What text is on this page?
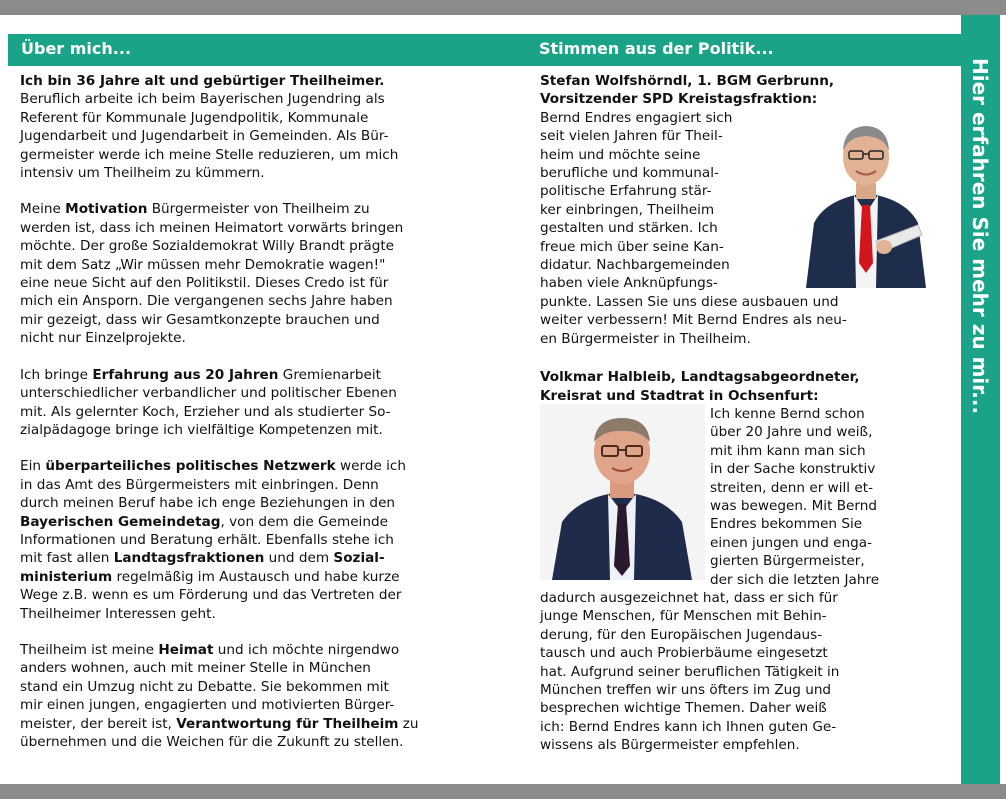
Über mich...	Stimmen aus der Politik...
Hier erfahren Sie mehr zu mir...

Ich bin 36 Jahre alt und gebürtiger Theilheimer.
Beruflich arbeite ich beim Bayerischen Jugendring als
Referent für Kommunale Jugendpolitik, Kommunale
Jugendarbeit und Jugendarbeit in Gemeinden. Als Bür-
germeister werde ich meine Stelle reduzieren, um mich
intensiv um Theilheim zu kümmern.

Meine Motivation Bürgermeister von Theilheim zu
werden ist, dass ich meinen Heimatort vorwärts bringen
möchte. Der große Sozialdemokrat Willy Brandt prägte
mit dem Satz „Wir müssen mehr Demokratie wagen!"
eine neue Sicht auf den Politikstil. Dieses Credo ist für
mich ein Ansporn. Die vergangenen sechs Jahre haben
mir gezeigt, dass wir Gesamtkonzepte brauchen und
nicht nur Einzelprojekte.

Ich bringe Erfahrung aus 20 Jahren Gremienarbeit
unterschiedlicher verbandlicher und politischer Ebenen
mit. Als gelernter Koch, Erzieher und als studierter So-
zialpädagoge bringe ich vielfältige Kompetenzen mit.

Ein überparteiliches politisches Netzwerk werde ich
in das Amt des Bürgermeisters mit einbringen. Denn
durch meinen Beruf habe ich enge Beziehungen in den
Bayerischen Gemeindetag, von dem die Gemeinde
Informationen und Beratung erhält. Ebenfalls stehe ich
mit fast allen Landtagsfraktionen und dem Sozial-
ministerium regelmäßig im Austausch und habe kurze
Wege z.B. wenn es um Förderung und das Vertreten der
Theilheimer Interessen geht.

Theilheim ist meine Heimat und ich möchte nirgendwo
anders wohnen, auch mit meiner Stelle in München
stand ein Umzug nicht zu Debatte. Sie bekommen mit
mir einen jungen, engagierten und motivierten Bürger-
meister, der bereit ist, Verantwortung für Theilheim zu
übernehmen und die Weichen für die Zukunft zu stellen.

Stefan Wolfshörndl, 1. BGM Gerbrunn,
Vorsitzender SPD Kreistagsfraktion:

Bernd Endres engagiert sich
seit vielen Jahren für Theil-
heim und möchte seine
berufliche und kommunal-
politische Erfahrung stär-
ker einbringen, Theilheim
gestalten und stärken. Ich
freue mich über seine Kan-
didatur. Nachbargemeinden
haben viele Anknüpfungs-
punkte. Lassen Sie uns diese ausbauen und
weiter verbessern! Mit Bernd Endres als neu-
en Bürgermeister in Theilheim.

Volkmar Halbleib, Landtagsabgeordneter,
Kreisrat und Stadtrat in Ochsenfurt:

Ich kenne Bernd schon
über 20 Jahre und weiß,
mit ihm kann man sich
in der Sache konstruktiv
streiten, denn er will et-
was bewegen. Mit Bernd
Endres bekommen Sie
einen jungen und enga-
gierten Bürgermeister,
der sich die letzten Jahre
dadurch ausgezeichnet hat, dass er sich für
junge Menschen, für Menschen mit Behin-
derung, für den Europäischen Jugendaus-
tausch und auch Probierbäume eingesetzt
hat. Aufgrund seiner beruflichen Tätigkeit in
München treffen wir uns öfters im Zug und
besprechen wichtige Themen. Daher weiß
ich: Bernd Endres kann ich Ihnen guten Ge-
wissens als Bürgermeister empfehlen.
